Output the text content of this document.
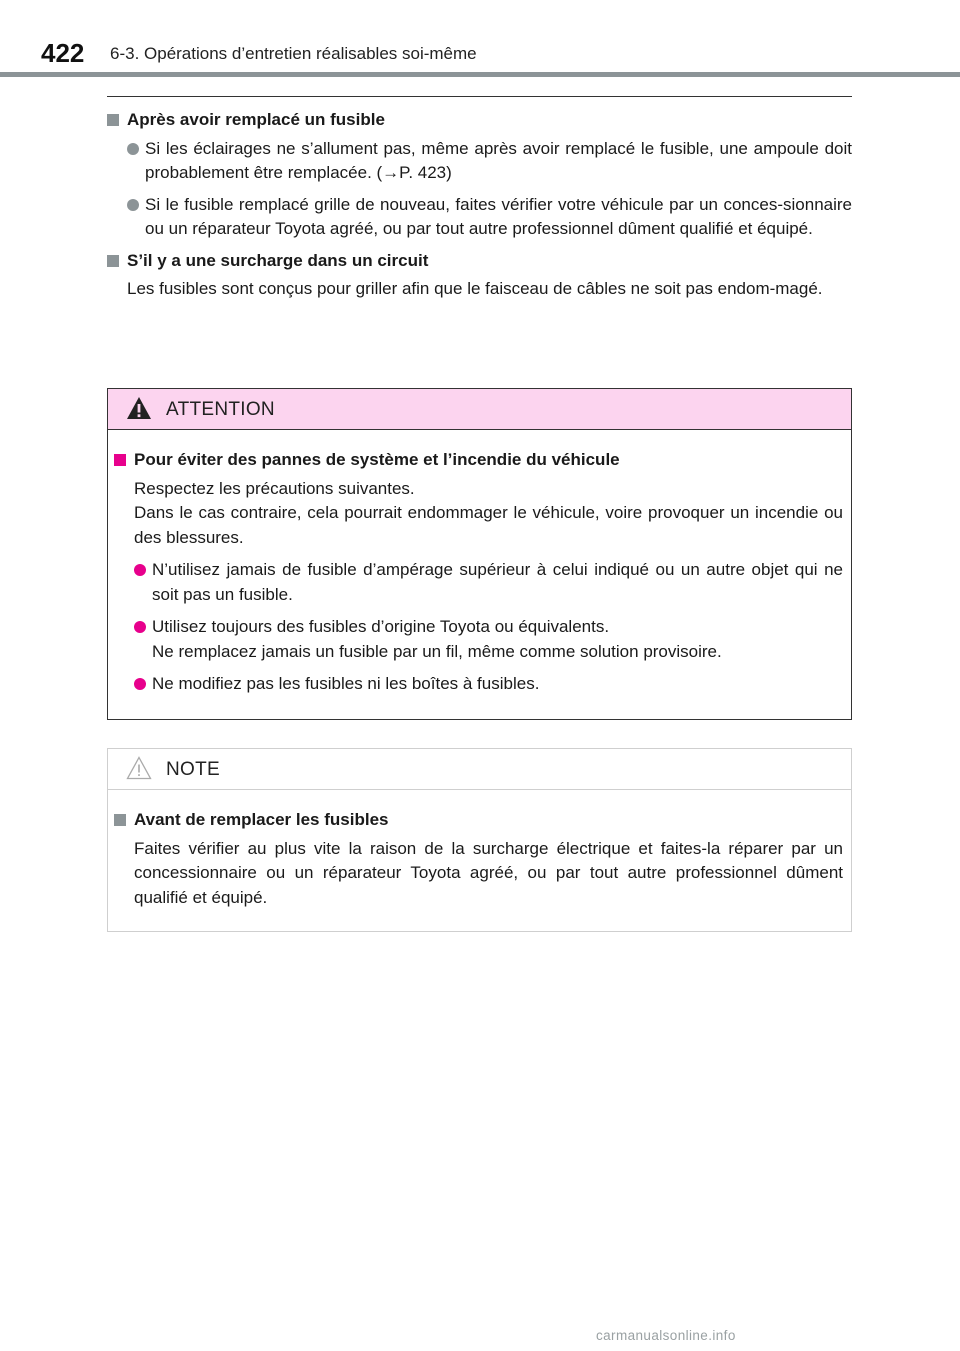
422 6-3. Opérations d’entretien réalisables soi-même
Après avoir remplacé un fusible
Si les éclairages ne s’allument pas, même après avoir remplacé le fusible, une ampoule doit probablement être remplacée. (→P. 423)
Si le fusible remplacé grille de nouveau, faites vérifier votre véhicule par un conces-sionnaire ou un réparateur Toyota agréé, ou par tout autre professionnel dûment qualifié et équipé.
S’il y a une surcharge dans un circuit
Les fusibles sont conçus pour griller afin que le faisceau de câbles ne soit pas endom-magé.
ATTENTION
Pour éviter des pannes de système et l’incendie du véhicule
Respectez les précautions suivantes.
Dans le cas contraire, cela pourrait endommager le véhicule, voire provoquer un incendie ou des blessures.
N’utilisez jamais de fusible d’ampérage supérieur à celui indiqué ou un autre objet qui ne soit pas un fusible.
Utilisez toujours des fusibles d’origine Toyota ou équivalents.
Ne remplacez jamais un fusible par un fil, même comme solution provisoire.
Ne modifiez pas les fusibles ni les boîtes à fusibles.
NOTE
Avant de remplacer les fusibles
Faites vérifier au plus vite la raison de la surcharge électrique et faites-la réparer par un concessionnaire ou un réparateur Toyota agréé, ou par tout autre professionnel dûment qualifié et équipé.
carmanualsonline.info
